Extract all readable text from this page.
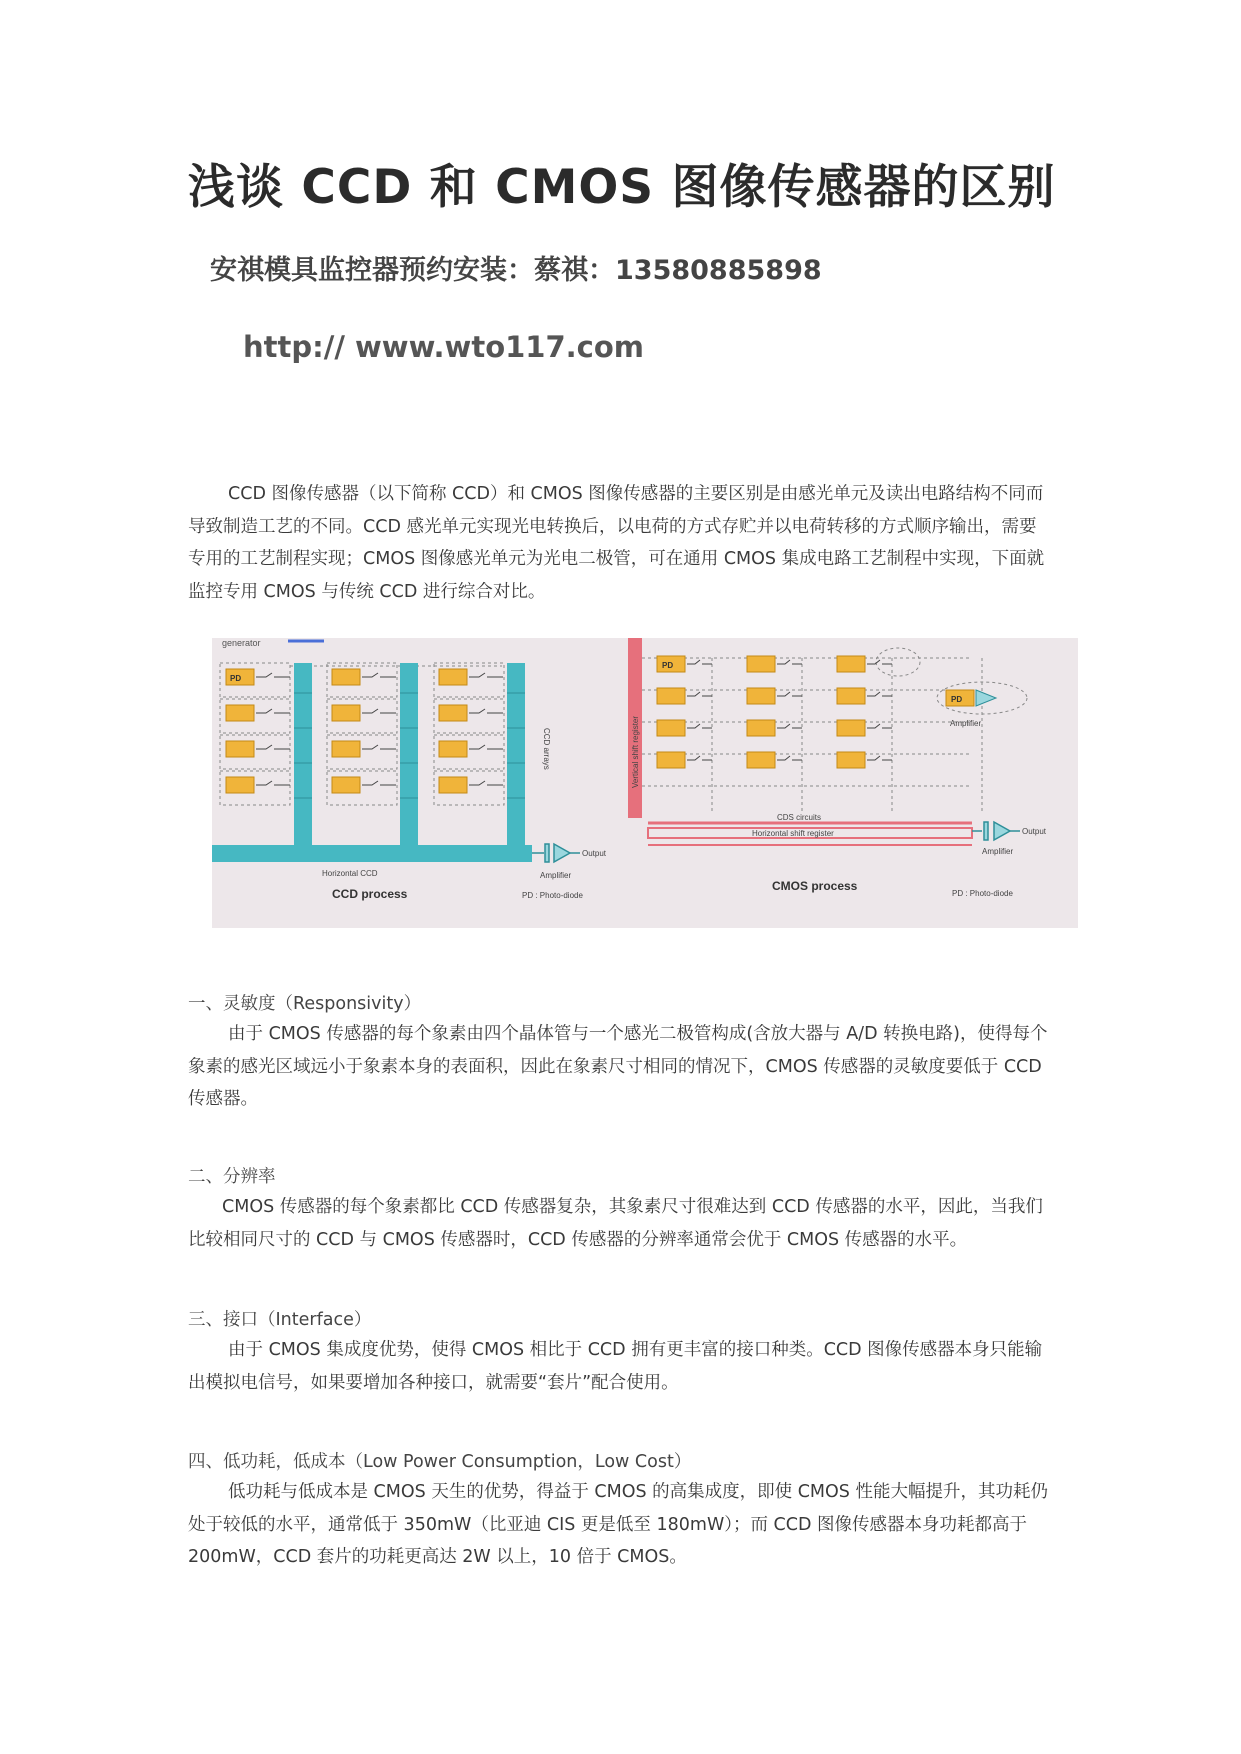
浅谈 CCD 和 CMOS 图像传感器的区别
安祺模具监控器预约安装：蔡祺：13580885898
http:// www.wto117.com

CCD 图像传感器（以下简称 CCD）和 CMOS 图像传感器的主要区别是由感光单元及读出电路结构不同而导致制造工艺的不同。CCD 感光单元实现光电转换后，以电荷的方式存贮并以电荷转移的方式顺序输出，需要专用的工艺制程实现；CMOS 图像感光单元为光电二极管，可在通用 CMOS 集成电路工艺制程中实现，下面就监控专用 CMOS 与传统 CCD 进行综合对比。

generator
PD
CCD arrays
Horizontal CCD
Output
Amplifier
CCD process	PD : Photo-diode
Vertical shift register
PD
PD
Amplifier
CDS circuits
Horizontal shift register	Output
Amplifier
CMOS process
PD : Photo-diode
一、灵敏度（Responsivity）

由于 CMOS 传感器的每个象素由四个晶体管与一个感光二极管构成(含放大器与 A/D 转换电路)，使得每个象素的感光区域远小于象素本身的表面积，因此在象素尺寸相同的情况下，CMOS 传感器的灵敏度要低于 CCD 传感器。

二、分辨率

CMOS 传感器的每个象素都比 CCD 传感器复杂，其象素尺寸很难达到 CCD 传感器的水平，因此，当我们比较相同尺寸的 CCD 与 CMOS 传感器时，CCD 传感器的分辨率通常会优于 CMOS 传感器的水平。

三、接口（Interface）

由于 CMOS 集成度优势，使得 CMOS 相比于 CCD 拥有更丰富的接口种类。CCD 图像传感器本身只能输出模拟电信号，如果要增加各种接口，就需要“套片”配合使用。

四、低功耗，低成本（Low Power Consumption，Low Cost）

低功耗与低成本是 CMOS 天生的优势，得益于 CMOS 的高集成度，即使 CMOS 性能大幅提升，其功耗仍处于较低的水平，通常低于 350mW（比亚迪 CIS 更是低至 180mW）；而 CCD 图像传感器本身功耗都高于 200mW，CCD 套片的功耗更高达 2W 以上，10 倍于 CMOS。
